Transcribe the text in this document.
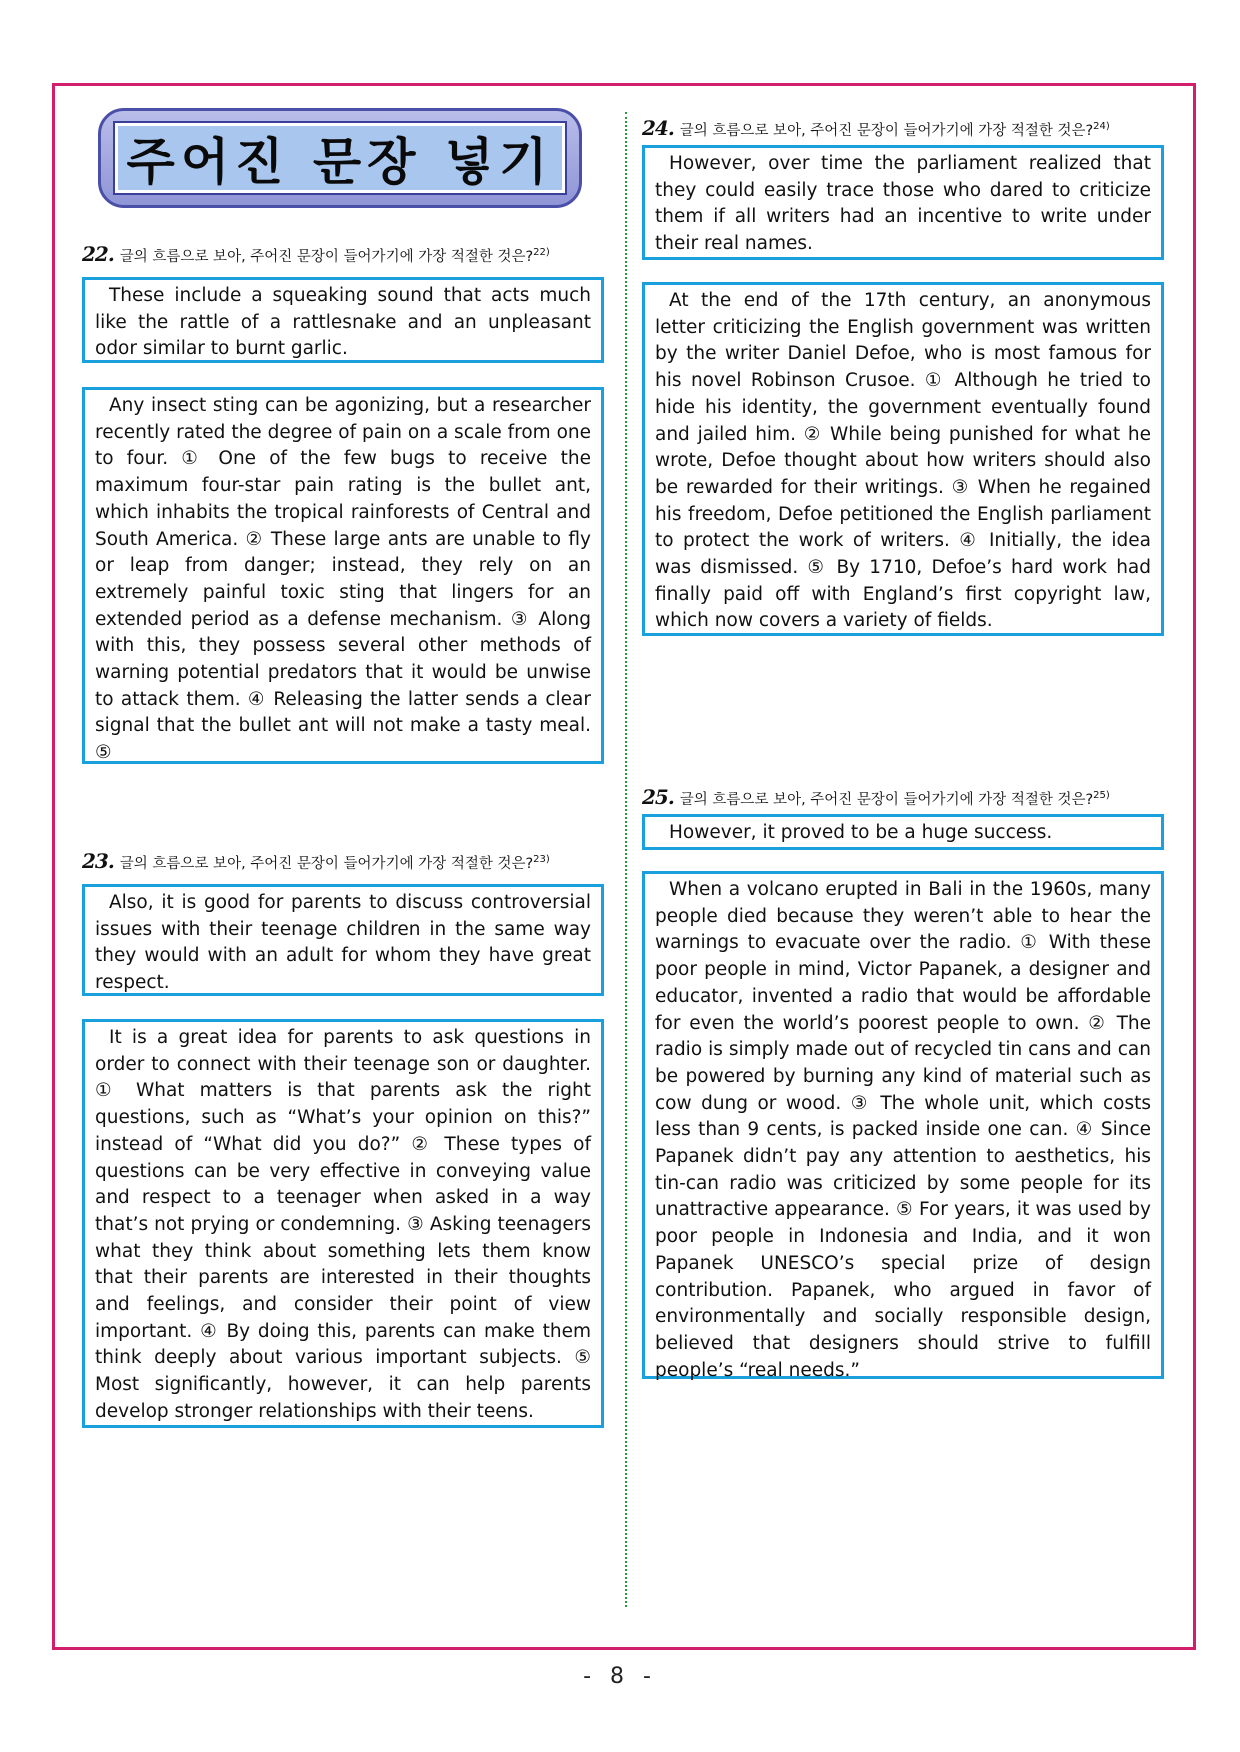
주어진 문장 넣기
22. 글의 흐름으로 보아, 주어진 문장이 들어가기에 가장 적절한 것은?$^{22)}$
These include a squeaking sound that acts much like the rattle of a rattlesnake and an unpleasant odor similar to burnt garlic.
Any insect sting can be agonizing, but a researcher recently rated the degree of pain on a scale from one to four. ① One of the few bugs to receive the maximum four-star pain rating is the bullet ant, which inhabits the tropical rainforests of Central and South America. ② These large ants are unable to fly or leap from danger; instead, they rely on an extremely painful toxic sting that lingers for an extended period as a defense mechanism. ③ Along with this, they possess several other methods of warning potential predators that it would be unwise to attack them. ④ Releasing the latter sends a clear signal that the bullet ant will not make a tasty meal. ⑤
23. 글의 흐름으로 보아, 주어진 문장이 들어가기에 가장 적절한 것은?$^{23)}$
Also, it is good for parents to discuss controversial issues with their teenage children in the same way they would with an adult for whom they have great respect.
It is a great idea for parents to ask questions in order to connect with their teenage son or daughter. ① What matters is that parents ask the right questions, such as “What’s your opinion on this?” instead of “What did you do?” ② These types of questions can be very effective in conveying value and respect to a teenager when asked in a way that’s not prying or condemning. ③ Asking teenagers what they think about something lets them know that their parents are interested in their thoughts and feelings, and consider their point of view important. ④ By doing this, parents can make them think deeply about various important subjects. ⑤ Most significantly, however, it can help parents develop stronger relationships with their teens.
24. 글의 흐름으로 보아, 주어진 문장이 들어가기에 가장 적절한 것은?$^{24)}$
However, over time the parliament realized that they could easily trace those who dared to criticize them if all writers had an incentive to write under their real names.
At the end of the 17th century, an anonymous letter criticizing the English government was written by the writer Daniel Defoe, who is most famous for his novel Robinson Crusoe. ① Although he tried to hide his identity, the government eventually found and jailed him. ② While being punished for what he wrote, Defoe thought about how writers should also be rewarded for their writings. ③ When he regained his freedom, Defoe petitioned the English parliament to protect the work of writers. ④ Initially, the idea was dismissed. ⑤ By 1710, Defoe’s hard work had finally paid off with England’s first copyright law, which now covers a variety of fields.
25. 글의 흐름으로 보아, 주어진 문장이 들어가기에 가장 적절한 것은?$^{25)}$
However, it proved to be a huge success.
When a volcano erupted in Bali in the 1960s, many people died because they weren’t able to hear the warnings to evacuate over the radio. ① With these poor people in mind, Victor Papanek, a designer and educator, invented a radio that would be affordable for even the world’s poorest people to own. ② The radio is simply made out of recycled tin cans and can be powered by burning any kind of material such as cow dung or wood. ③ The whole unit, which costs less than 9 cents, is packed inside one can. ④ Since Papanek didn’t pay any attention to aesthetics, his tin-can radio was criticized by some people for its unattractive appearance. ⑤ For years, it was used by poor people in Indonesia and India, and it won Papanek UNESCO’s special prize of design contribution. Papanek, who argued in favor of environmentally and socially responsible design, believed that designers should strive to fulfill people’s “real needs.”
- 8 -
